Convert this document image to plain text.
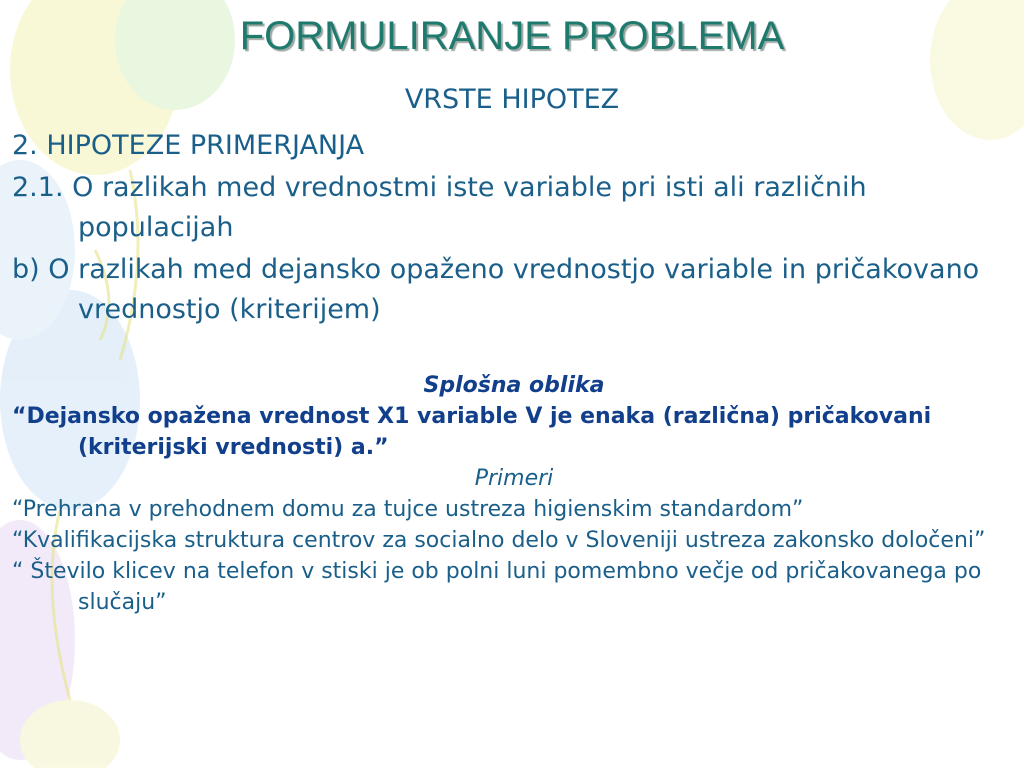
FORMULIRANJE PROBLEMA
VRSTE HIPOTEZ

2. HIPOTEZE PRIMERJANJA

2.1. O razlikah med vrednostmi iste variable pri isti ali različnih populacijah

b) O razlikah med dejansko opaženo vrednostjo variable in pričakovano vrednostjo (kriterijem)

Splošna oblika

“Dejansko opažena vrednost X1 variable V je enaka (različna) pričakovani (kriterijski vrednosti) a.”

Primeri

“Prehrana v prehodnem domu za tujce ustreza higienskim standardom”

“Kvalifikacijska struktura centrov za socialno delo v Sloveniji ustreza zakonsko določeni”

“ Število klicev na telefon v stiski je ob polni luni pomembno večje od pričakovanega po slučaju”
